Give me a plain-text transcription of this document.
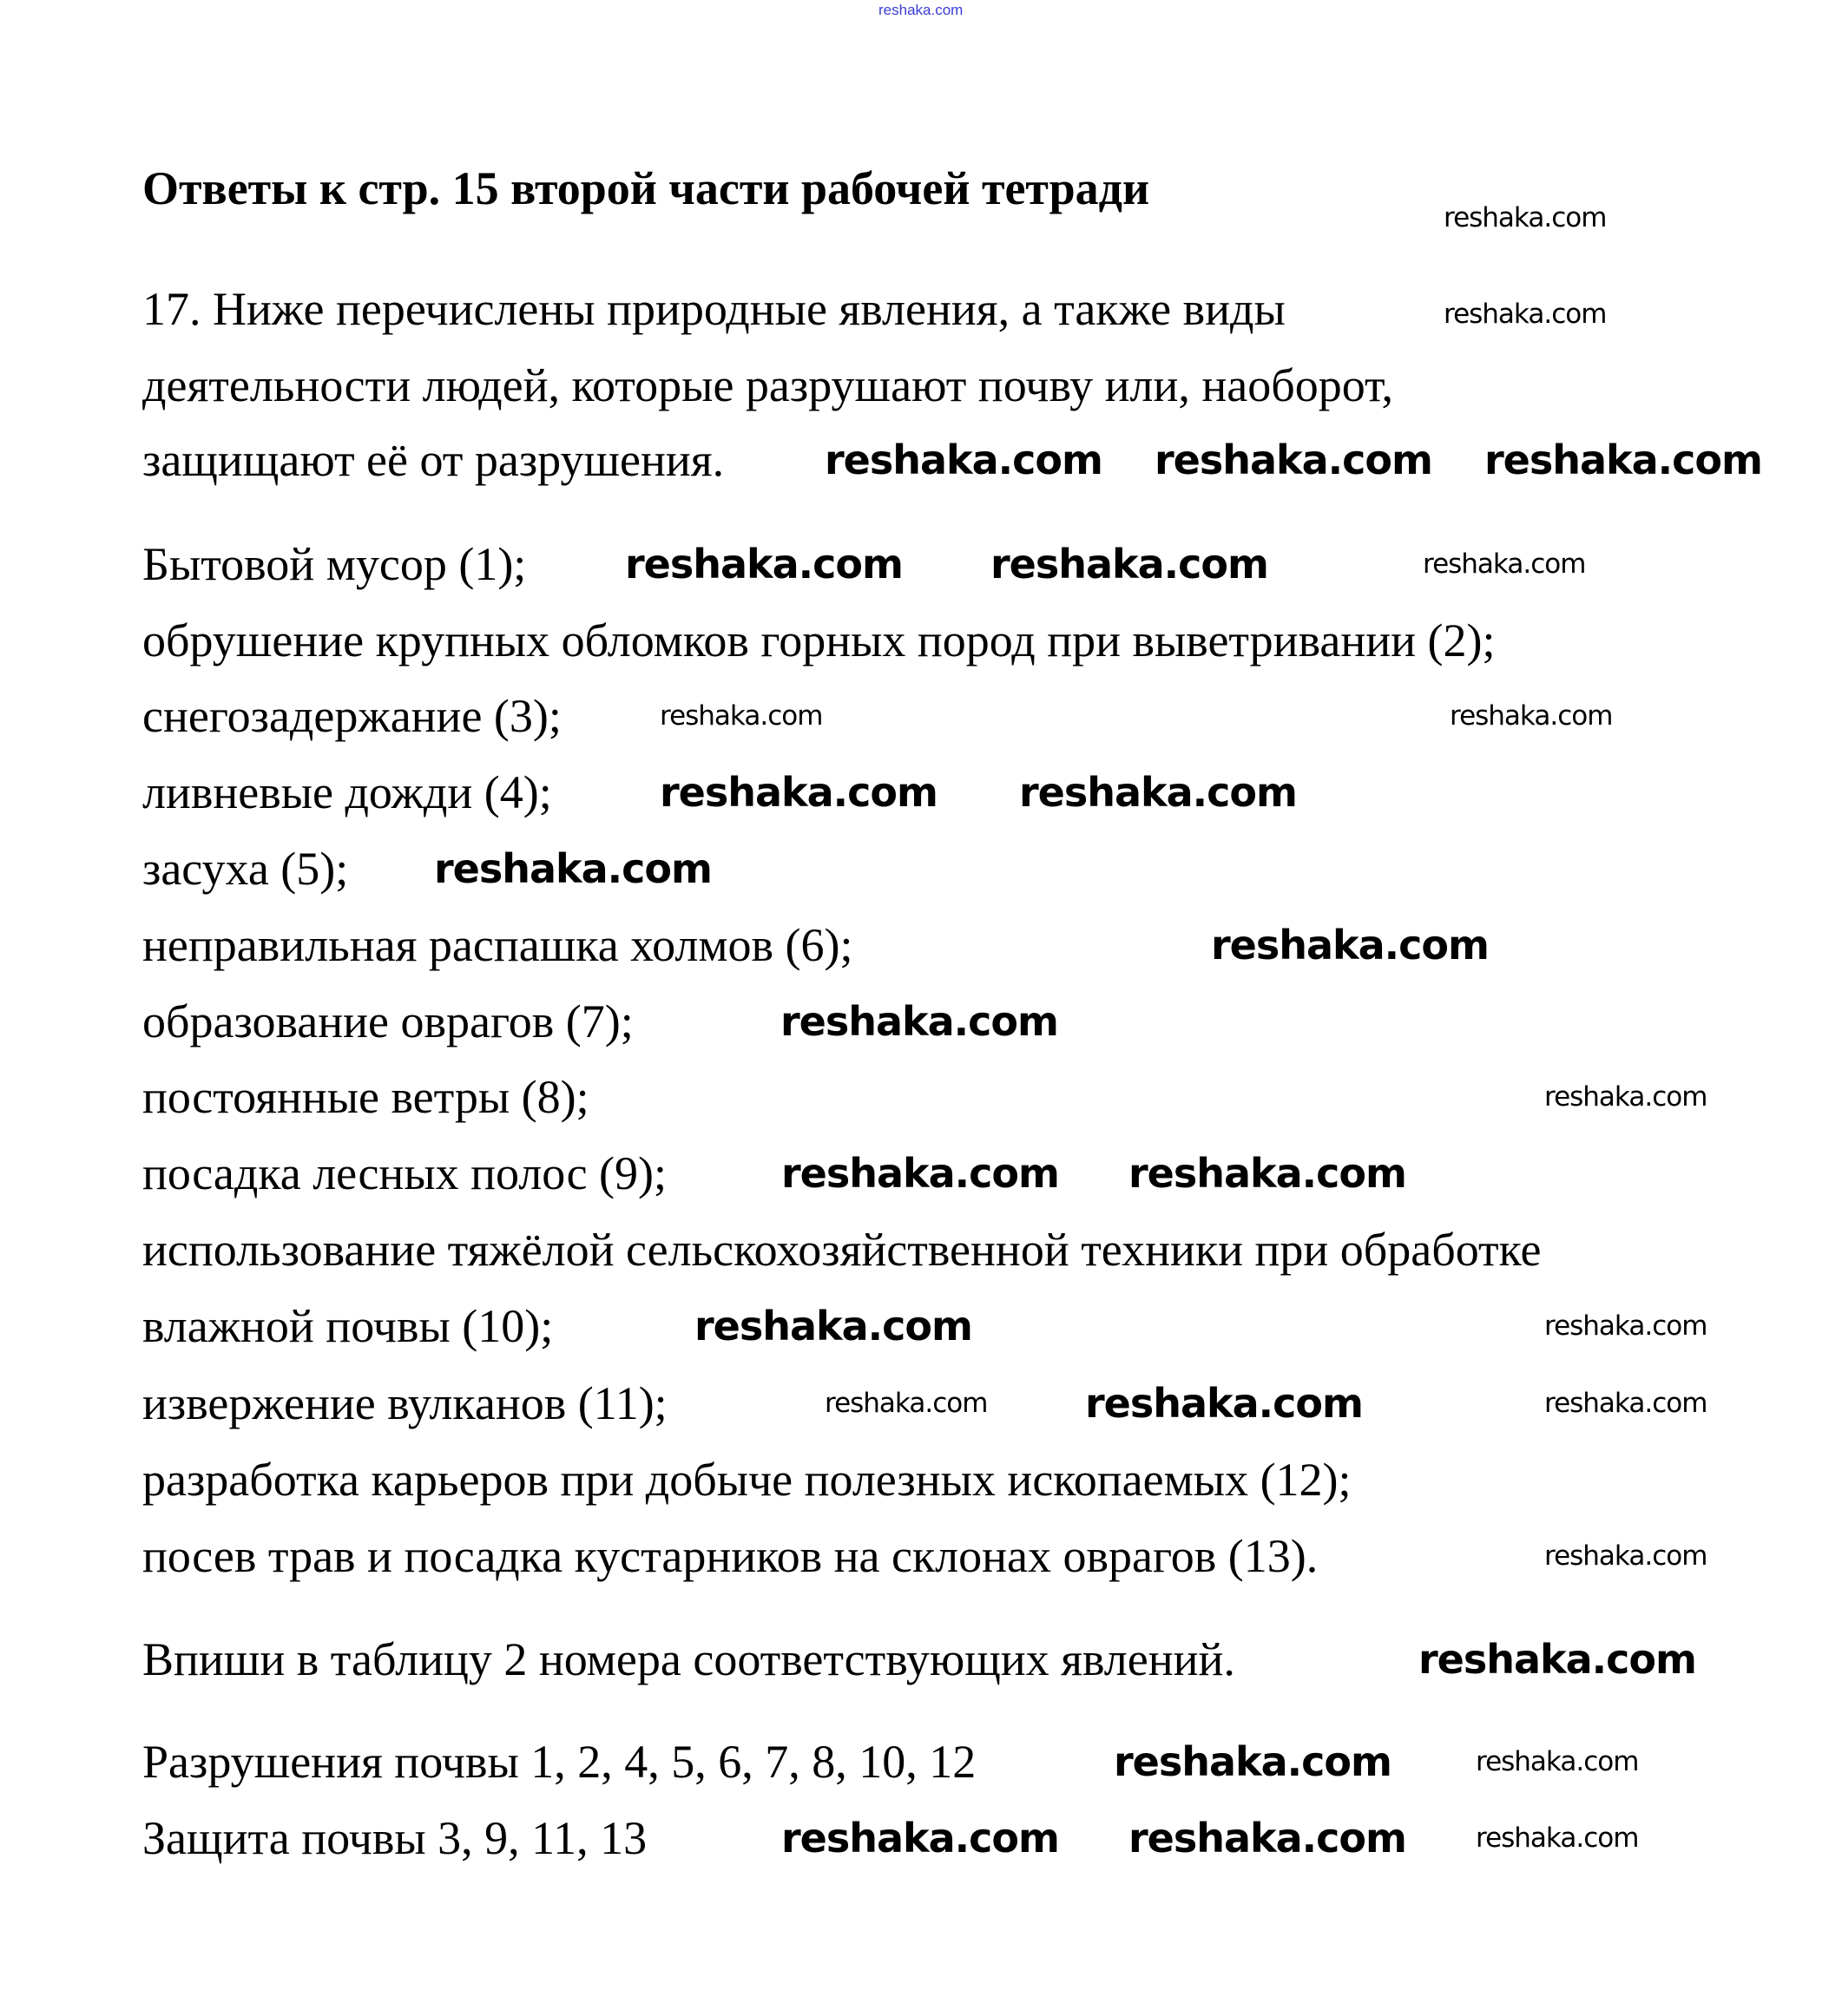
reshaka.com
Ответы к стр. 15 второй части рабочей тетради
17. Ниже перечислены природные явления, а также виды
деятельности людей, которые разрушают почву или, наоборот,
защищают её от разрушения.
Бытовой мусор (1);
обрушение крупных обломков горных пород при выветривании (2);
снегозадержание (3);
ливневые дожди (4);
засуха (5);
неправильная распашка холмов (6);
образование оврагов (7);
постоянные ветры (8);
посадка лесных полос (9);
использование тяжёлой сельскохозяйственной техники при обработке
влажной почвы (10);
извержение вулканов (11);
разработка карьеров при добыче полезных ископаемых (12);
посев трав и посадка кустарников на склонах оврагов (13).
Впиши в таблицу 2 номера соответствующих явлений.
Разрушения почвы 1, 2, 4, 5, 6, 7, 8, 10, 12
Защита почвы 3, 9, 11, 13
reshaka.com
reshaka.com
reshaka.com reshaka.com reshaka.com
reshaka.com reshaka.com	reshaka.com
reshaka.com	reshaka.com
reshaka.com reshaka.com
reshaka.com
reshaka.com
reshaka.com
reshaka.com
reshaka.com reshaka.com
reshaka.com	reshaka.com
reshaka.com reshaka.com	reshaka.com
reshaka.com
reshaka.com
reshaka.com	reshaka.com
reshaka.com reshaka.com	reshaka.com
